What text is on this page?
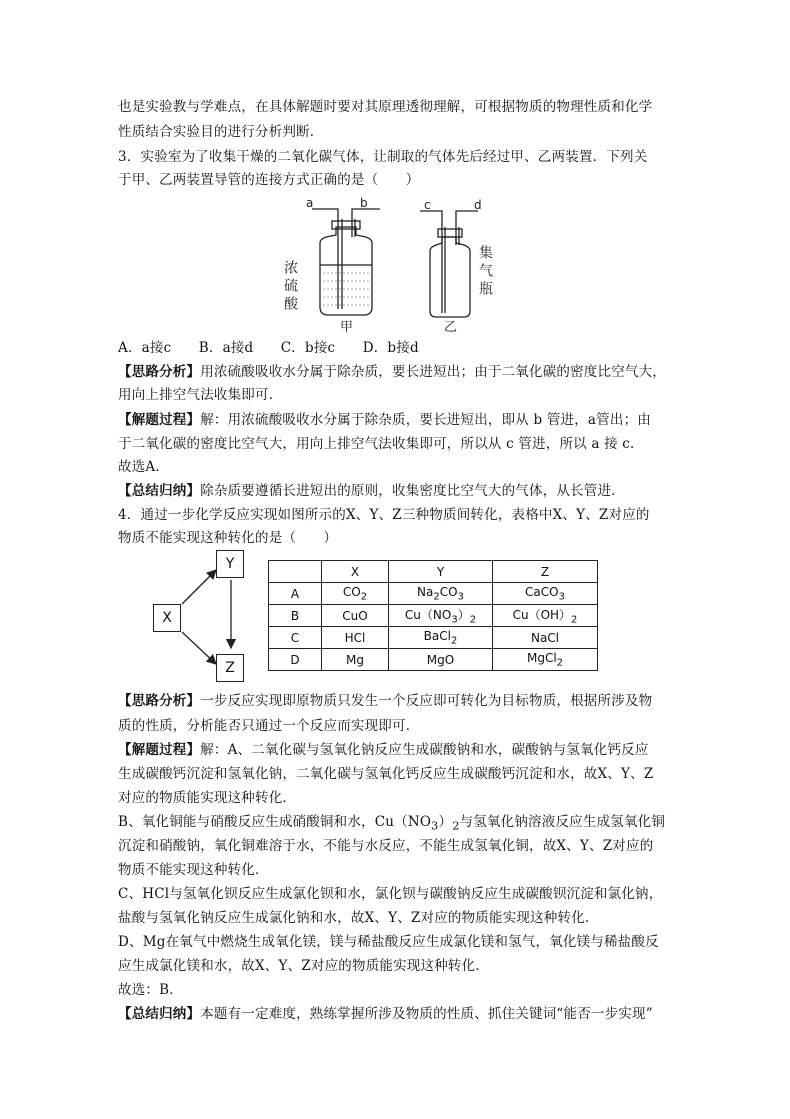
也是实验教与学难点，在具体解题时要对其原理透彻理解，可根据物质的物理性质和化学
性质结合实验目的进行分析判断．
3．实验室为了收集干燥的二氧化碳气体，让制取的气体先后经过甲、乙两装置．下列关
于甲、乙两装置导管的连接方式正确的是（　　）
a	b	c	d
浓硫酸	集气瓶
甲	乙
A．a接c　　B．a接d　　C．b接c　　D．b接d
【思路分析】用浓硫酸吸收水分属于除杂质，要长进短出；由于二氧化碳的密度比空气大，
用向上排空气法收集即可．
【解题过程】解：用浓硫酸吸收水分属于除杂质，要长进短出，即从 b 管进，a管出；由
于二氧化碳的密度比空气大，用向上排空气法收集即可，所以从 c 管进，所以 a 接 c．
故选A．
【总结归纳】除杂质要遵循长进短出的原则，收集密度比空气大的气体，从长管进．
4．通过一步化学反应实现如图所示的X、Y、Z三种物质间转化，表格中X、Y、Z对应的
物质不能实现这种转化的是（　　）
X
Y
Z
	X	Y	Z
A	$CO_2$	$Na_2CO_3$	CaCO$_3$
B	CuO	$Cu(NO_3)_2$	$Cu(OH)_2$
C	HCl	BaCl$_2$	NaCl
D	Mg	MgO	MgCl$_2$
【思路分析】一步反应实现即原物质只发生一个反应即可转化为目标物质，根据所涉及物
质的性质，分析能否只通过一个反应而实现即可．
【解题过程】解：A、二氧化碳与氢氧化钠反应生成碳酸钠和水，碳酸钠与氢氧化钙反应
生成碳酸钙沉淀和氢氧化钠，二氧化碳与氢氧化钙反应生成碳酸钙沉淀和水，故X、Y、Z
对应的物质能实现这种转化．
B、氧化铜能与硝酸反应生成硝酸铜和水，$Cu(NO_3)_2$与氢氧化钠溶液反应生成氢氧化铜
沉淀和硝酸钠，氧化铜难溶于水，不能与水反应，不能生成氢氧化铜，故X、Y、Z对应的
物质不能实现这种转化．
C、HCl与氢氧化钡反应生成氯化钡和水，氯化钡与碳酸钠反应生成碳酸钡沉淀和氯化钠，
盐酸与氢氧化钠反应生成氯化钠和水，故X、Y、Z对应的物质能实现这种转化．
D、Mg在氧气中燃烧生成氧化镁，镁与稀盐酸反应生成氯化镁和氢气，氧化镁与稀盐酸反
应生成氯化镁和水，故X、Y、Z对应的物质能实现这种转化．
故选：B．
【总结归纳】本题有一定难度，熟练掌握所涉及物质的性质、抓住关键词“能否一步实现”
